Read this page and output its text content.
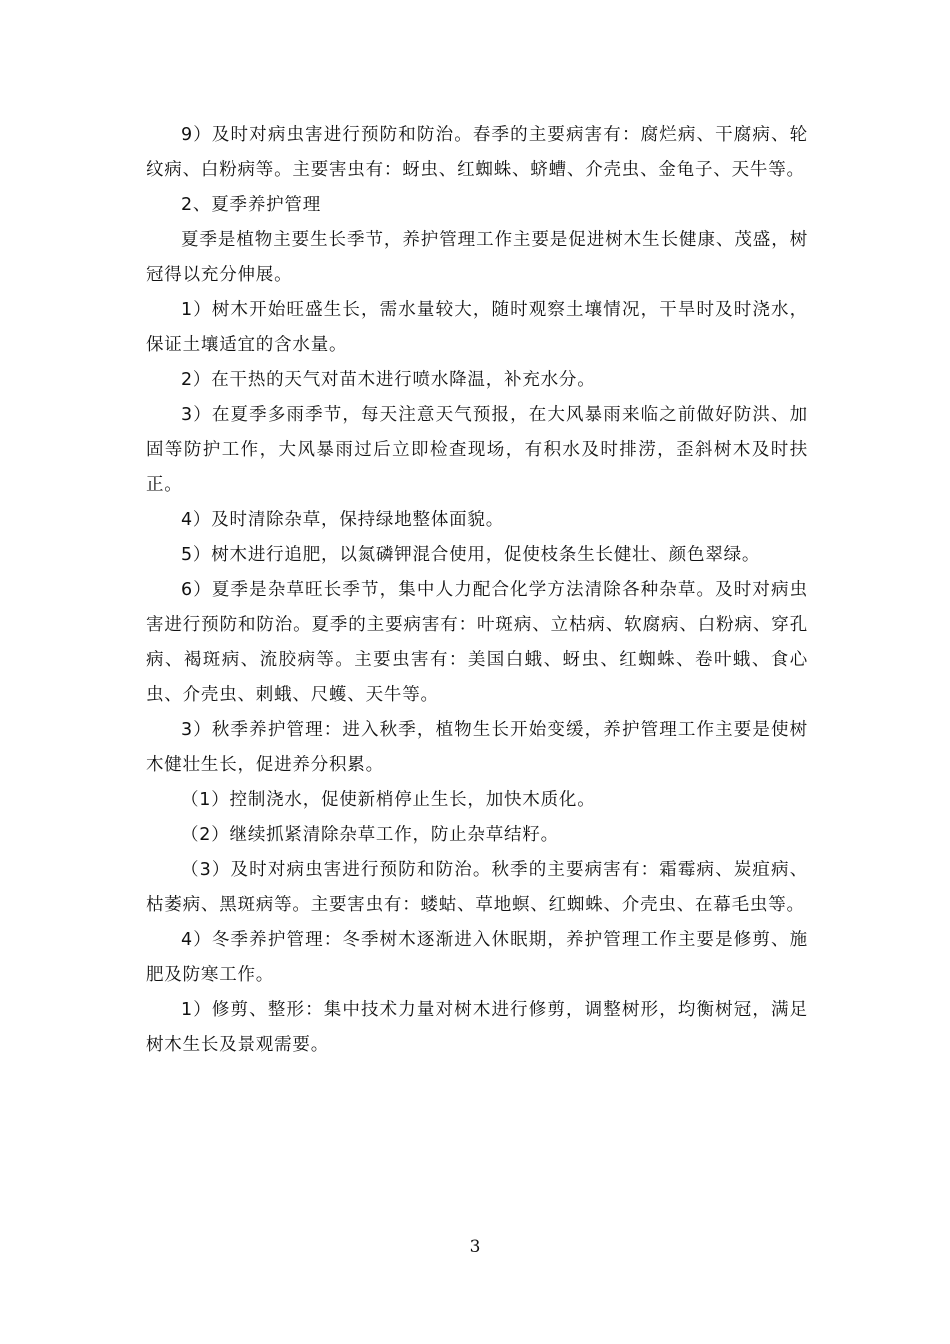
9）及时对病虫害进行预防和防治。春季的主要病害有：腐烂病、干腐病、轮纹病、白粉病等。主要害虫有：蚜虫、红蜘蛛、蛴螬、介壳虫、金龟子、天牛等。

2、夏季养护管理

夏季是植物主要生长季节，养护管理工作主要是促进树木生长健康、茂盛，树冠得以充分伸展。

1）树木开始旺盛生长，需水量较大，随时观察土壤情况，干旱时及时浇水，保证土壤适宜的含水量。

2）在干热的天气对苗木进行喷水降温，补充水分。

3）在夏季多雨季节，每天注意天气预报，在大风暴雨来临之前做好防洪、加固等防护工作，大风暴雨过后立即检查现场，有积水及时排涝，歪斜树木及时扶正。

4）及时清除杂草，保持绿地整体面貌。

5）树木进行追肥，以氮磷钾混合使用，促使枝条生长健壮、颜色翠绿。

6）夏季是杂草旺长季节，集中人力配合化学方法清除各种杂草。及时对病虫害进行预防和防治。夏季的主要病害有：叶斑病、立枯病、软腐病、白粉病、穿孔病、褐斑病、流胶病等。主要虫害有：美国白蛾、蚜虫、红蜘蛛、卷叶蛾、食心虫、介壳虫、刺蛾、尺蠖、天牛等。

3）秋季养护管理：进入秋季，植物生长开始变缓，养护管理工作主要是使树木健壮生长，促进养分积累。

（1）控制浇水，促使新梢停止生长，加快木质化。

（2）继续抓紧清除杂草工作，防止杂草结籽。

（3）及时对病虫害进行预防和防治。秋季的主要病害有：霜霉病、炭疽病、枯萎病、黑斑病等。主要害虫有：蝼蛄、草地螟、红蜘蛛、介壳虫、在幕毛虫等。

4）冬季养护管理：冬季树木逐渐进入休眠期，养护管理工作主要是修剪、施肥及防寒工作。

1）修剪、整形：集中技术力量对树木进行修剪，调整树形，均衡树冠，满足树木生长及景观需要。

3
